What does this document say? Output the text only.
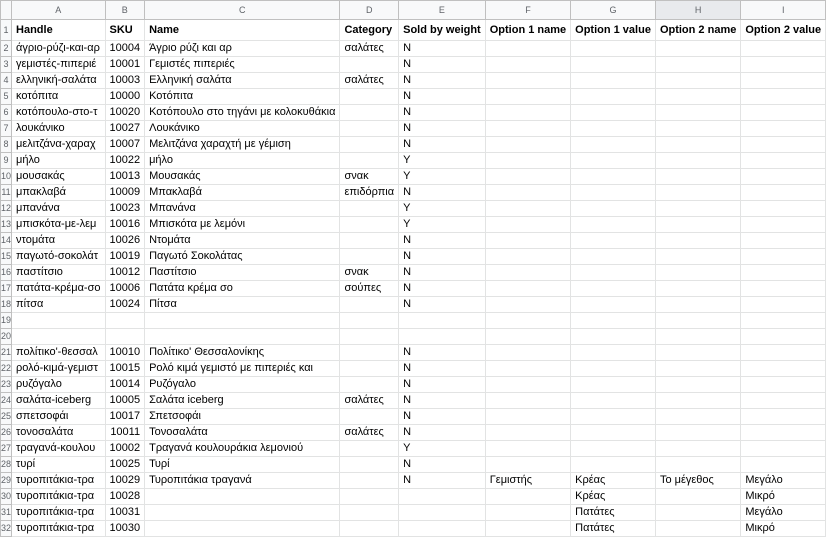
	A	B	C	D	E	F	G	H	I
1	Handle	SKU	Name	Category	Sold by weight	Option 1 name	Option 1 value	Option 2 name	Option 2 value
2	άγριο-ρύζι-και-αρ	10004	Άγριο ρύζι και αρ	σαλάτες	N				
3	γεμιστές-πιπεριέ	10001	Γεμιστές πιπεριές		N				
4	ελληνική-σαλάτα	10003	Ελληνική σαλάτα	σαλάτες	N				
5	κοτόπιτα	10000	Κοτόπιτα		N				
6	κοτόπουλο-στο-τ	10020	Κοτόπουλο στο τηγάνι με κολοκυθάκια		N				
7	λουκάνικο	10027	Λουκάνικο		N				
8	μελιτζάνα-χαραχ	10007	Μελιτζάνα χαραχτή με γέμιση		N				
9	μήλο	10022	μήλο		Y				
10	μουσακάς	10013	Μουσακάς	σνακ	Y				
11	μπακλαβά	10009	Μπακλαβά	επιδόρπια	N				
12	μπανάνα	10023	Μπανάνα		Y				
13	μπισκότα-με-λεμ	10016	Μπισκότα με λεμόνι		Y				
14	ντομάτα	10026	Ντομάτα		N				
15	παγωτό-σοκολάτ	10019	Παγωτό Σοκολάτας		N				
16	παστίτσιο	10012	Παστίτσιο	σνακ	N				
17	πατάτα-κρέμα-σο	10006	Πατάτα κρέμα σο	σούπες	N				
18	πίτσα	10024	Πίτσα		N				
19									
20									
21	πολίτικο'-θεσσαλ	10010	Πολίτικο' Θεσσαλονίκης		N				
22	ρολό-κιμά-γεμιστ	10015	Ρολό κιμά γεμιστό με πιπεριές και		N				
23	ρυζόγαλο	10014	Ρυζόγαλο		N				
24	σαλάτα-iceberg	10005	Σαλάτα iceberg	σαλάτες	N				
25	σπετσοφάι	10017	Σπετσοφάι		N				
26	τονοσαλάτα	10011	Τονοσαλάτα	σαλάτες	N				
27	τραγανά-κουλου	10002	Τραγανά κουλουράκια λεμονιού		Y				
28	τυρί	10025	Τυρί		N				
29	τυροπιτάκια-τρα	10029	Τυροπιτάκια τραγανά		N	Γεμιστής	Κρέας	Το μέγεθος	Μεγάλο
30	τυροπιτάκια-τρα	10028					Κρέας		Μικρό
31	τυροπιτάκια-τρα	10031					Πατάτες		Μεγάλο
32	τυροπιτάκια-τρα	10030					Πατάτες		Μικρό
